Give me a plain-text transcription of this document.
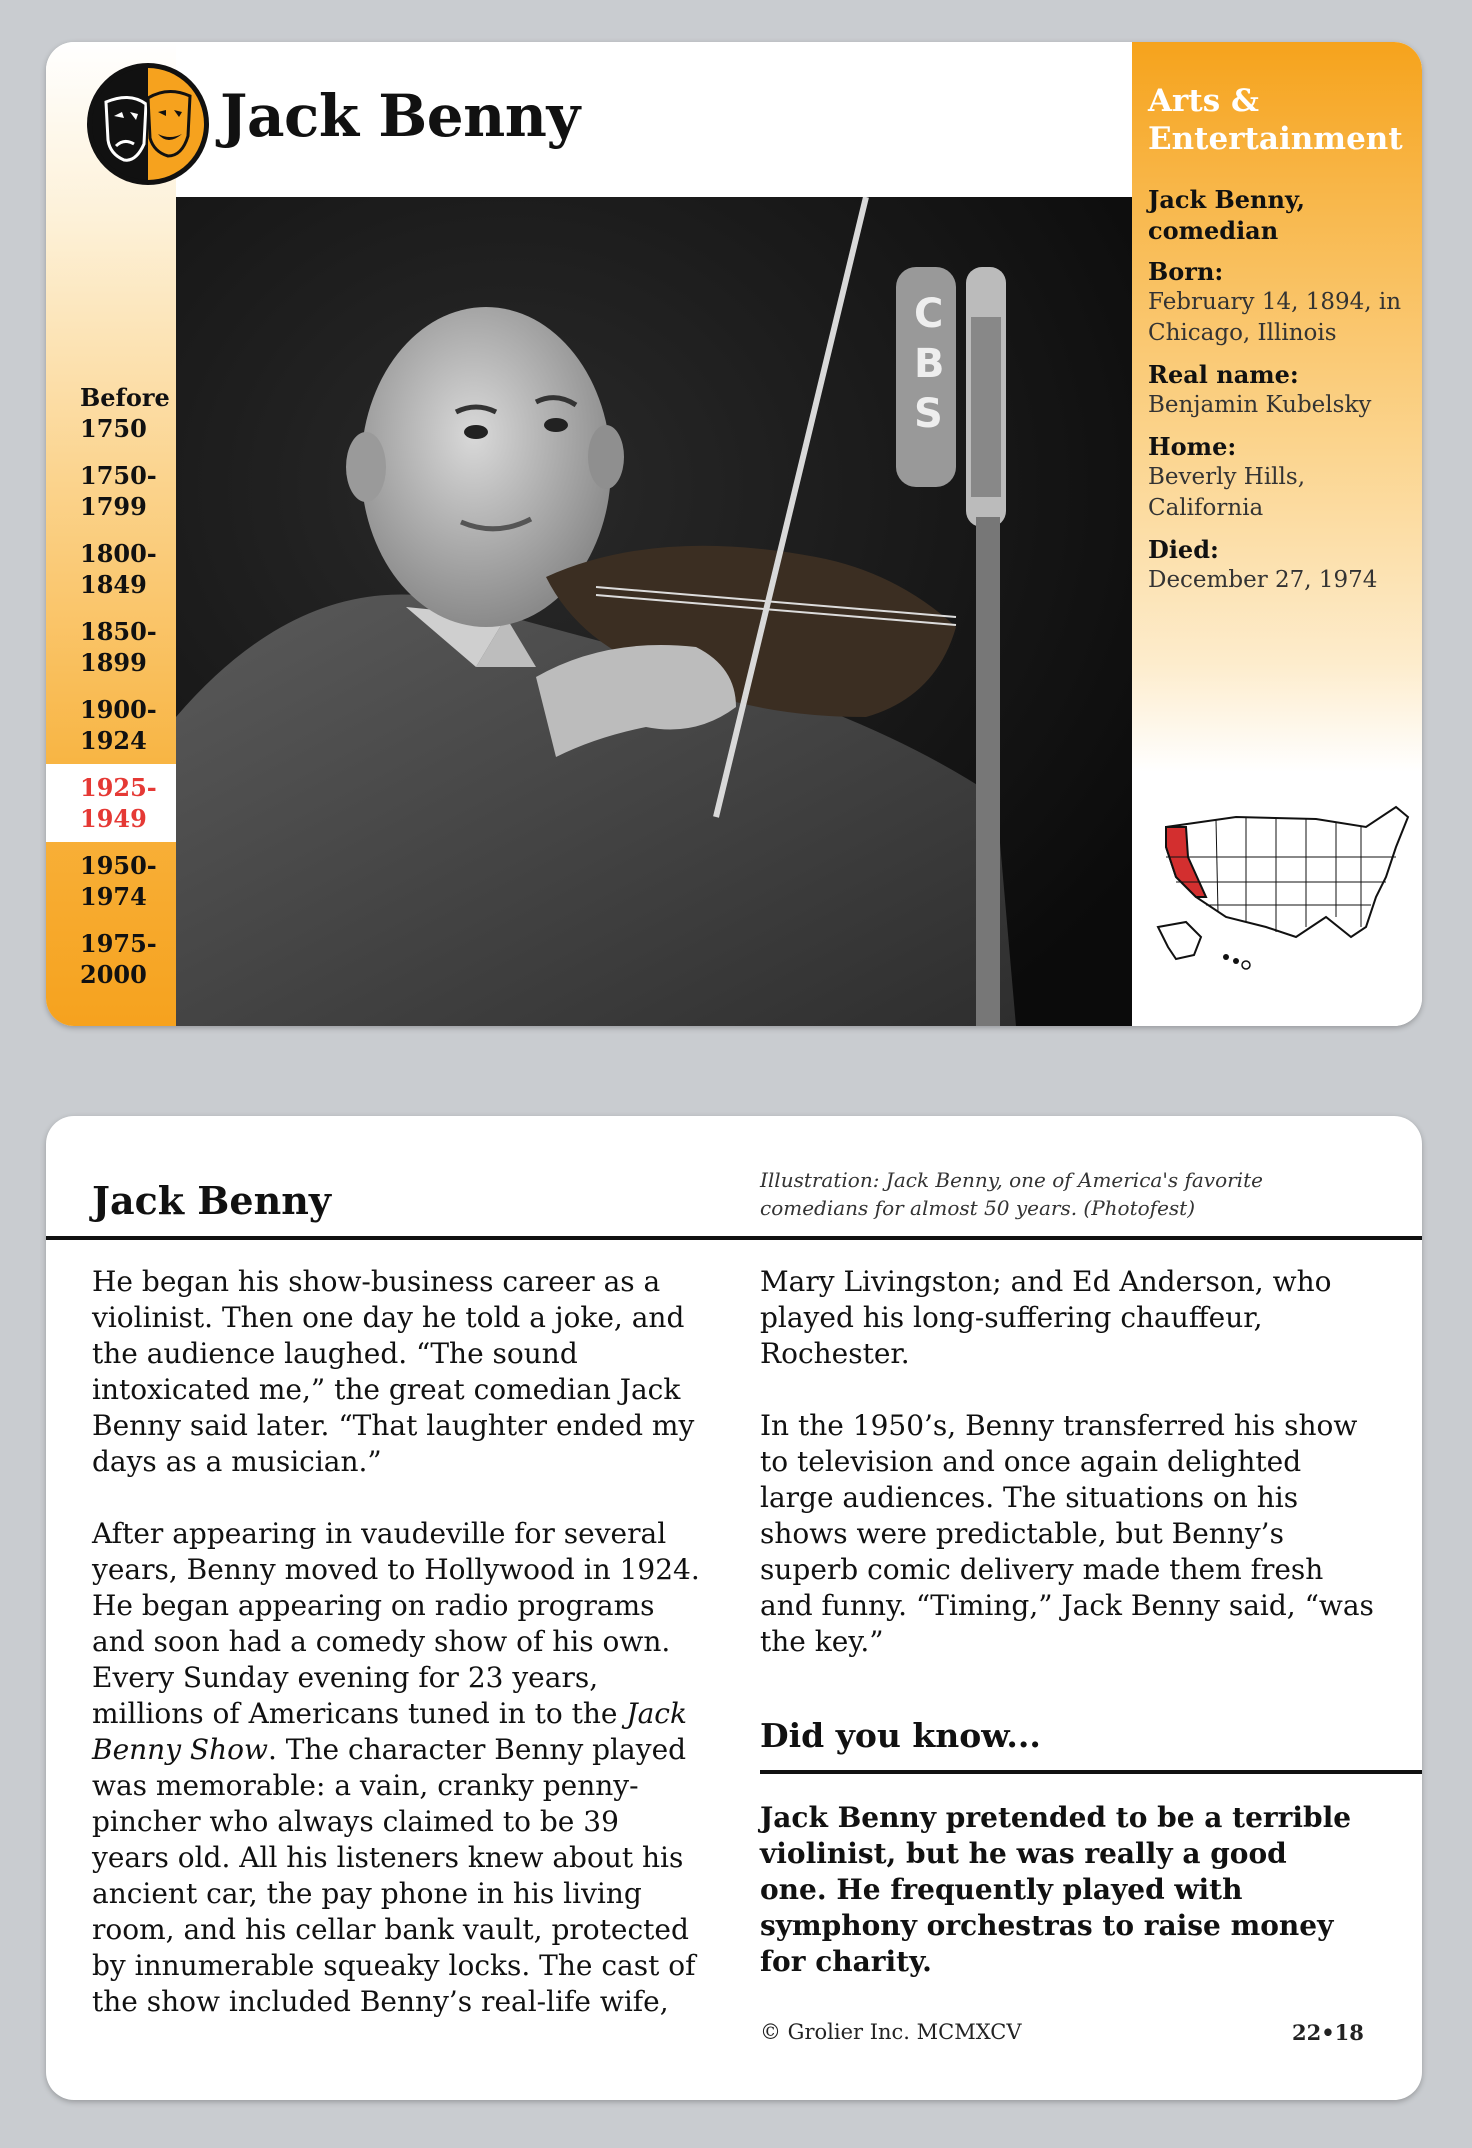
Jack Benny
Before
1750
1750-
1799
1800-
1849
1850-
1899
1900-
1924
1925-
1949
1950-
1974
1975-
2000
C
B
S
Arts & Entertainment
Jack Benny, comedian
Born:
February 14, 1894, in Chicago, Illinois
Real name:
Benjamin Kubelsky
Home:
Beverly Hills, California
Died:
December 27, 1974
Jack Benny	Illustration: Jack Benny, one of America's favorite comedians for almost 50 years. (Photofest)

He began his show-business career as a violinist. Then one day he told a joke, and the audience laughed. “The sound intoxicated me,” the great comedian Jack Benny said later. “That laughter ended my days as a musician.”

After appearing in vaudeville for several years, Benny moved to Hollywood in 1924. He began appearing on radio programs and soon had a comedy show of his own. Every Sunday evening for 23 years, millions of Americans tuned in to the Jack Benny Show. The character Benny played was memorable: a vain, cranky penny-pincher who always claimed to be 39 years old. All his listeners knew about his ancient car, the pay phone in his living room, and his cellar bank vault, protected by innumerable squeaky locks. The cast of the show included Benny’s real-life wife,

Mary Livingston; and Ed Anderson, who played his long-suffering chauffeur, Rochester.

In the 1950’s, Benny transferred his show to television and once again delighted large audiences. The situations on his shows were predictable, but Benny’s superb comic delivery made them fresh and funny. “Timing,” Jack Benny said, “was the key.”

Did you know...
Jack Benny pretended to be a terrible violinist, but he was really a good one. He frequently played with symphony orchestras to raise money for charity.
© Grolier Inc. MCMXCV	22•18
